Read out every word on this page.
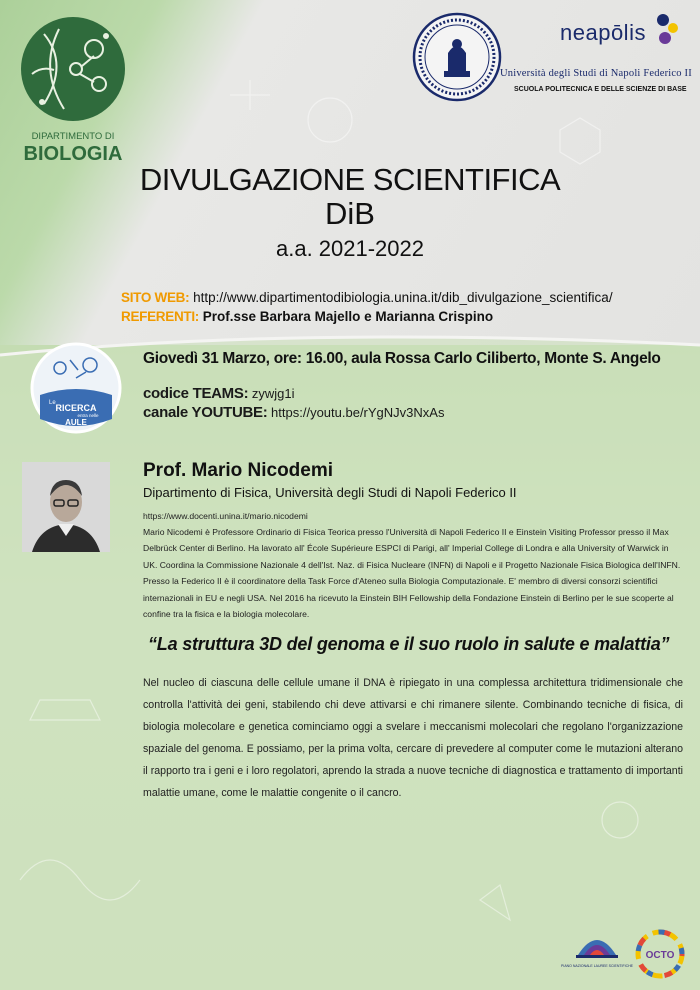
DIPARTIMENTO DI
BIOLOGIA
neapōlis
Università degli Studi di Napoli Federico II
SCUOLA POLITECNICA E DELLE SCIENZE DI BASE
DIVULGAZIONE SCIENTIFICA
DiB
a.a. 2021-2022
SITO WEB: http://www.dipartimentodibiologia.unina.it/dib_divulgazione_scientifica/
REFERENTI: Prof.sse Barbara Majello e Marianna Crispino
Le RICERCA
entra nelle
AULE
Giovedì 31 Marzo, ore: 16.00, aula Rossa Carlo Ciliberto, Monte S. Angelo
codice TEAMS: zywjg1i
canale YOUTUBE: https://youtu.be/rYgNJv3NxAs
Prof. Mario Nicodemi
Dipartimento di Fisica, Università degli Studi di Napoli Federico II
https://www.docenti.unina.it/mario.nicodemi

Mario Nicodemi è Professore Ordinario di Fisica Teorica presso l'Università di Napoli Federico II e Einstein Visiting Professor presso il Max Delbrück Center di Berlino. Ha lavorato all' École Supérieure ESPCI di Parigi, all' Imperial College di Londra e alla University of Warwick in UK. Coordina la Commissione Nazionale 4 dell'Ist. Naz. di Fisica Nucleare (INFN) di Napoli e il Progetto Nazionale Fisica Biologica dell'INFN. Presso la Federico II è il coordinatore della Task Force d'Ateneo sulla Biologia Computazionale. E' membro di diversi consorzi scientifici internazionali in EU e negli USA. Nel 2016 ha ricevuto la Einstein BIH Fellowship della Fondazione Einstein di Berlino per le sue scoperte al confine tra la fisica e la biologia molecolare.

“La struttura 3D del genoma e il suo ruolo in salute e malattia”

Nel nucleo di ciascuna delle cellule umane il DNA è ripiegato in una complessa architettura tridimensionale che controlla l'attività dei geni, stabilendo chi deve attivarsi e chi rimanere silente. Combinando tecniche di fisica, di biologia molecolare e genetica cominciamo oggi a svelare i meccanismi molecolari che regolano l'organizzazione spaziale del genoma. E possiamo, per la prima volta, cercare di prevedere al computer come le mutazioni alterano il rapporto tra i geni e i loro regolatori, aprendo la strada a nuove tecniche di diagnostica e trattamento di importanti malattie umane, come le malattie congenite o il cancro.

PIANO NAZIONALE LAUREE SCIENTIFICHE
OCTO
